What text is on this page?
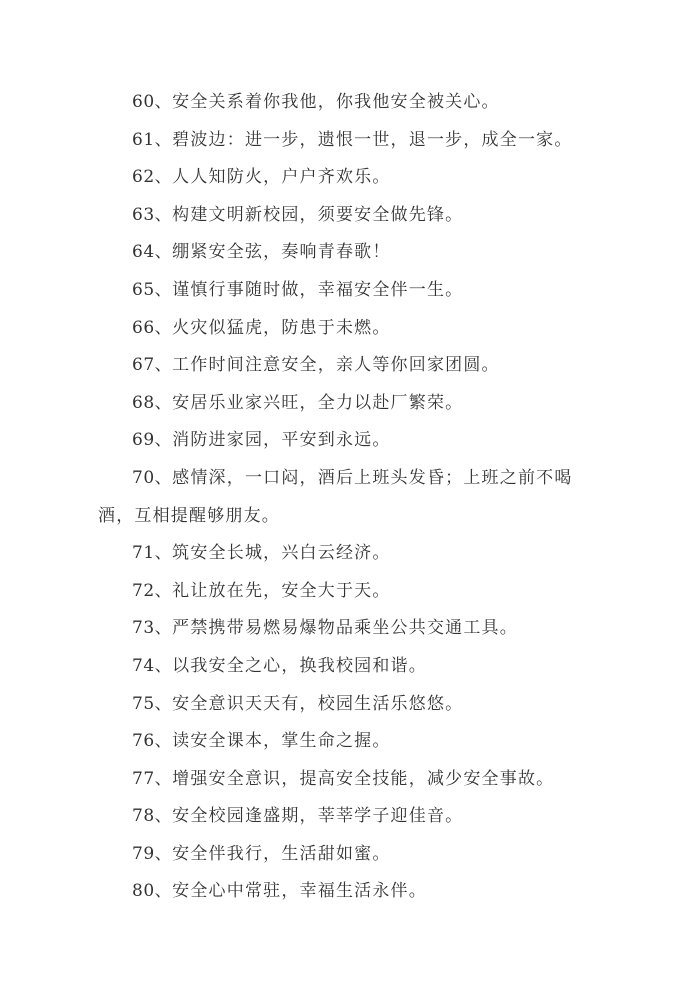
60、安全关系着你我他，你我他安全被关心。

61、碧波边：进一步，遗恨一世，退一步，成全一家。

62、人人知防火，户户齐欢乐。

63、构建文明新校园，须要安全做先锋。

64、绷紧安全弦，奏响青春歌！

65、谨慎行事随时做，幸福安全伴一生。

66、火灾似猛虎，防患于未燃。

67、工作时间注意安全，亲人等你回家团圆。

68、安居乐业家兴旺，全力以赴厂繁荣。

69、消防进家园，平安到永远。

70、感情深，一口闷，酒后上班头发昏；上班之前不喝酒，互相提醒够朋友。

71、筑安全长城，兴白云经济。

72、礼让放在先，安全大于天。

73、严禁携带易燃易爆物品乘坐公共交通工具。

74、以我安全之心，换我校园和谐。

75、安全意识天天有，校园生活乐悠悠。

76、读安全课本，掌生命之握。

77、增强安全意识，提高安全技能，减少安全事故。

78、安全校园逢盛期，莘莘学子迎佳音。

79、安全伴我行，生活甜如蜜。

80、安全心中常驻，幸福生活永伴。
